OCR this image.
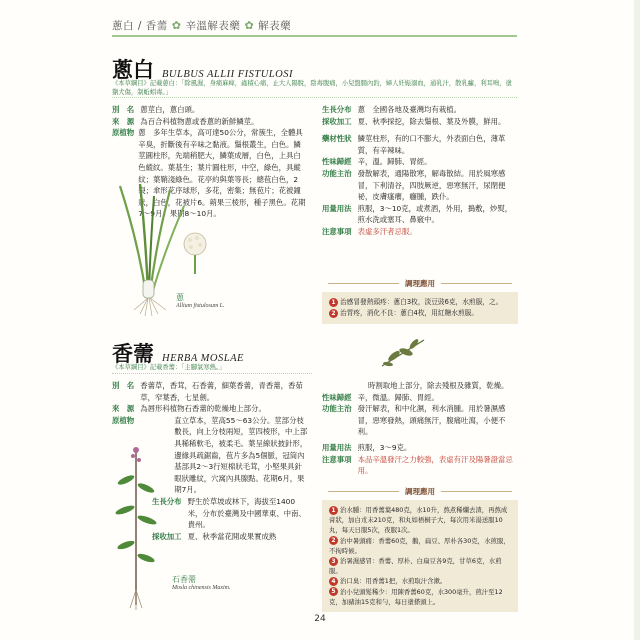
蔥白 / 香薷 ✿ 辛溫解表藥 ✿ 解表藥
蔥白 BULBUS ALLII FISTULOSI
《本草綱目》記載蔥白：「除風濕，身痛麻痺，蟲積心痛，止大人陽脫，陰毒腹痛，小兒盤腸內釣，婦人妊娠溺血，通乳汁，散乳癰，利耳鳴，塗猘犬傷，制蚯蚓毒。」
別　名 蔥莖白，蔥白頭。
來　源 為百合科植物蔥或香蔥的新鮮鱗莖。
原植物 蔥　多年生草本，高可達50公分，常簇生，全體具辛臭，折斷後有辛味之黏液。鬚根叢生，白色。鱗莖圓柱形，先端稍肥大，鱗葉成層，白色，上具白色縱紋。葉基生；葉片圓柱形，中空，綠色，具縱紋；葉鞘淺綠色。花亭約與葉等長；總苞白色，2裂；傘形花序球形，多花，密集；無苞片；花被鐘狀，白色，花被片6。蒴果三棱形，種子黑色。花期7～9月，果期8～10月。
蔥
Allium fistulosum L.
生長分布 蔥　全國各地及臺灣均有栽植。
採收加工 夏、秋季採挖，除去鬚根、葉及外膜，鮮用。
藥材性狀 鱗莖柱形，有的口不膨大，外表面白色，薄革質，有辛辣味。
性味歸經 辛，溫。歸肺、胃經。
功能主治 發散解表，通陽散寒，解毒散結。用於風寒感冒，下利清谷，四肢厥逆，惡寒無汗，尿閉便祕，皮膚瘙癢，癰腫，跌仆。
用量用法 煎服，3～10克，或煮酒，外用，搗敷，炒熨，煎水洗或塞耳、鼻竅中。
注意事項 表虛多汗者忌服。
調理應用
1 治感冒發熱頭疼：蔥白3枚，淡豆豉6克，水煎服，之。2 治胃疼，消化不良：蔥白4枚，用紅糖水煎服。
香薷 HERBA MOSLAE
《本草綱目》記載香薷：「主腳氣寒熱。」
別　名 香薷草，香茸，石香薷，細葉香薷，青香薷，香茹草，窄葉香，七星劍。
來　源 為唇形科植物石香薷的乾燥地上部分。
原植物	直立草本，莖高55～63公分。莖部分枝數長，向上分枝兩短，莖四棱形，中上部具稀稀軟毛，被柔毛。葉呈線狀披針形，邊緣具疏鋸齒，苞片多為5個脈，冠筒內基部具2～3行短棉狀毛茸，小堅果具針眼狀雕紋，穴窩內具腺點。花期6月，果期7月。
生長分布 野生於草坡或林下，海拔至1400米，分布於臺灣及中國華東、中南、貴州。
採收加工 夏、秋季當花開或果實成熟
石香薷
Mosla chinensis Maxim.
時割取地上部分，除去殘根及雜質，乾燥。
性味歸經 辛，微溫。歸肺、胃經。
功能主治 發汗解表，和中化濕，利水消腫。用於暑濕感冒，惡寒發熱，頭痛無汗，腹痛吐瀉，小便不利。
用量用法 煎服，3～9克。
注意事項 本品辛溫發汗之力較強，表虛有汗及陽暑證當忌用。
調理應用
1 治水腫：用香薷葉480克，水10升，熬煮稀爛去渣，再熬成膏狀，加白朮末210克，和丸如梧桐子大，每次用米湯送服10丸，每天日服5次，夜服1次。
2 治中暑頭痛：香薷60克，鵝，扁豆、厚朴各30克，水煎服，不拘時候。
3 治暑濕感冒：香薷、厚朴、白扁豆各9克，甘草6克，水煎服。
4 治口臭：用香薷1把，水煎取汁含漱。
5 治小兒頭髮稀少：用陳香薷60克，水300毫升，煎汁至12克，加豬油15克和勻，每日塗搽頭上。
24
